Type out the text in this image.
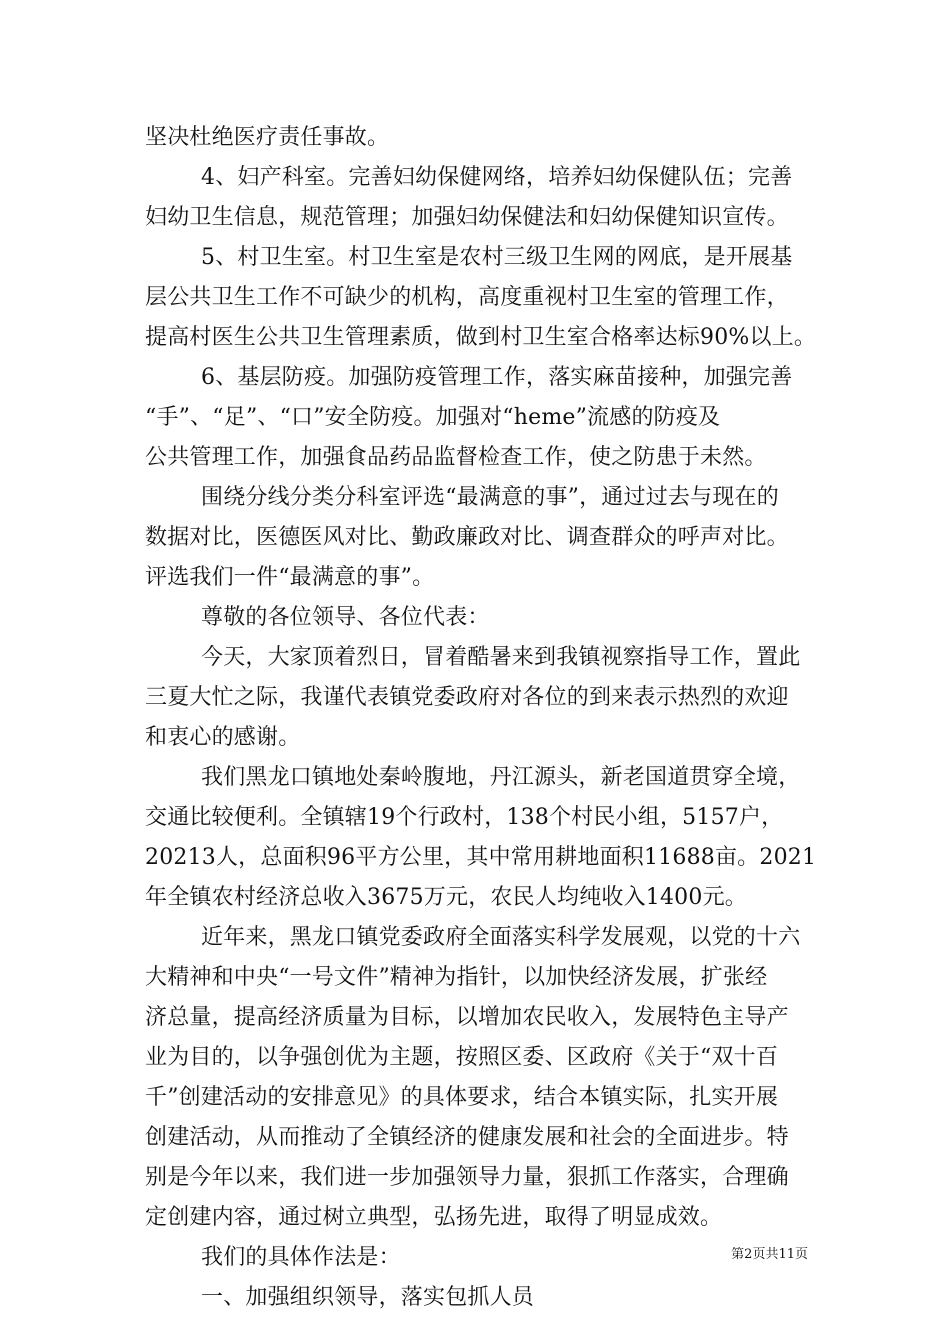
坚决杜绝医疗责任事故。
4、妇产科室。完善妇幼保健网络，培养妇幼保健队伍；完善
妇幼卫生信息，规范管理；加强妇幼保健法和妇幼保健知识宣传。
5、村卫生室。村卫生室是农村三级卫生网的网底，是开展基
层公共卫生工作不可缺少的机构，高度重视村卫生室的管理工作，
提高村医生公共卫生管理素质，做到村卫生室合格率达标90%以上。
6、基层防疫。加强防疫管理工作，落实麻苗接种，加强完善
“手”、“足”、“口”安全防疫。加强对“heme”流感的防疫及
公共管理工作，加强食品药品监督检查工作，使之防患于未然。
围绕分线分类分科室评选“最满意的事”，通过过去与现在的
数据对比，医德医风对比、勤政廉政对比、调查群众的呼声对比。
评选我们一件“最满意的事”。
尊敬的各位领导、各位代表：
今天，大家顶着烈日，冒着酷暑来到我镇视察指导工作，置此
三夏大忙之际，我谨代表镇党委政府对各位的到来表示热烈的欢迎
和衷心的感谢。
我们黑龙口镇地处秦岭腹地，丹江源头，新老国道贯穿全境，
交通比较便利。全镇辖19个行政村，138个村民小组，5157户，
20213人，总面积96平方公里，其中常用耕地面积11688亩。2021
年全镇农村经济总收入3675万元，农民人均纯收入1400元。
近年来，黑龙口镇党委政府全面落实科学发展观，以党的十六
大精神和中央“一号文件”精神为指针，以加快经济发展，扩张经
济总量，提高经济质量为目标，以增加农民收入，发展特色主导产
业为目的，以争强创优为主题，按照区委、区政府《关于“双十百
千”创建活动的安排意见》的具体要求，结合本镇实际，扎实开展
创建活动，从而推动了全镇经济的健康发展和社会的全面进步。特
别是今年以来，我们进一步加强领导力量，狠抓工作落实，合理确
定创建内容，通过树立典型，弘扬先进，取得了明显成效。
我们的具体作法是：
一、加强组织领导，落实包抓人员
第2页共11页
